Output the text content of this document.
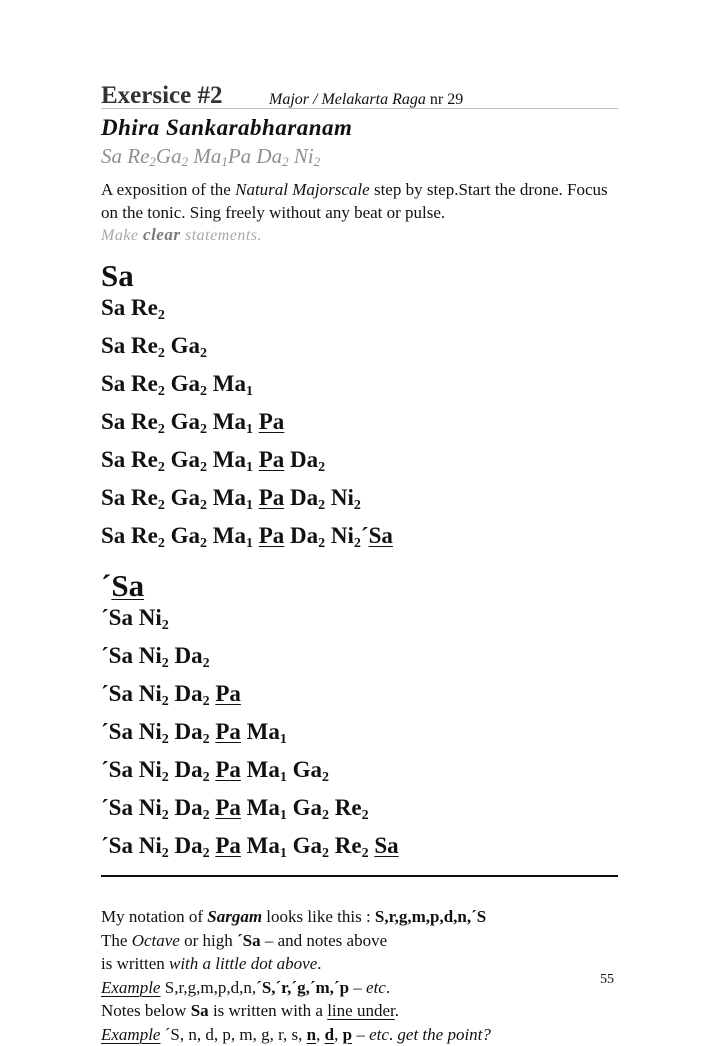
Exersice #2	Major / Melakarta Raga nr 29
Dhira Sankarabharanam
Sa $Re_2Ga_2$ $Ma_1Pa$ $Da_2$ $Ni_2$
A exposition of the Natural Majorscale step by step.Start the drone. Focus on the tonic. Sing freely without any beat or pulse.
Make clear statements.
Sa
Sa $Re_2$
Sa $Re_2$ $Ga_2$
Sa $Re_2$ $Ga_2$ $Ma_1$
Sa $Re_2$ $Ga_2$ $Ma_1$ Pa
Sa $Re_2$ $Ga_2$ $Ma_1$ Pa $Da_2$
Sa $Re_2$ $Ga_2$ $Ma_1$ Pa $Da_2$ $Ni_2$
Sa $Re_2$ $Ga_2$ $Ma_1$ Pa $Da_2$ $Ni_2´Sa$
´Sa
´Sa $Ni_2$
´Sa $Ni_2$ $Da_2$
´Sa $Ni_2$ $Da_2$ Pa
´Sa $Ni_2$ $Da_2$ Pa $Ma_1$
´Sa $Ni_2$ $Da_2$ Pa $Ma_1$ $Ga_2$
´Sa $Ni_2$ $Da_2$ Pa $Ma_1$ $Ga_2$ $Re_2$
´Sa $Ni_2$ $Da_2$ Pa $Ma_1$ $Ga_2$ $Re_2$ Sa
My notation of Sargam looks like this : S,r,g,m,p,d,n,´S
The Octave or high ´Sa – and notes above
is written with a little dot above.
Example S,r,g,m,p,d,n,´S,´r,´g,´m,´p – etc.
Notes below Sa is written with a line under.
Example ´S, n, d, p, m, g, r, s, n, d, p – etc. get the point?
55
